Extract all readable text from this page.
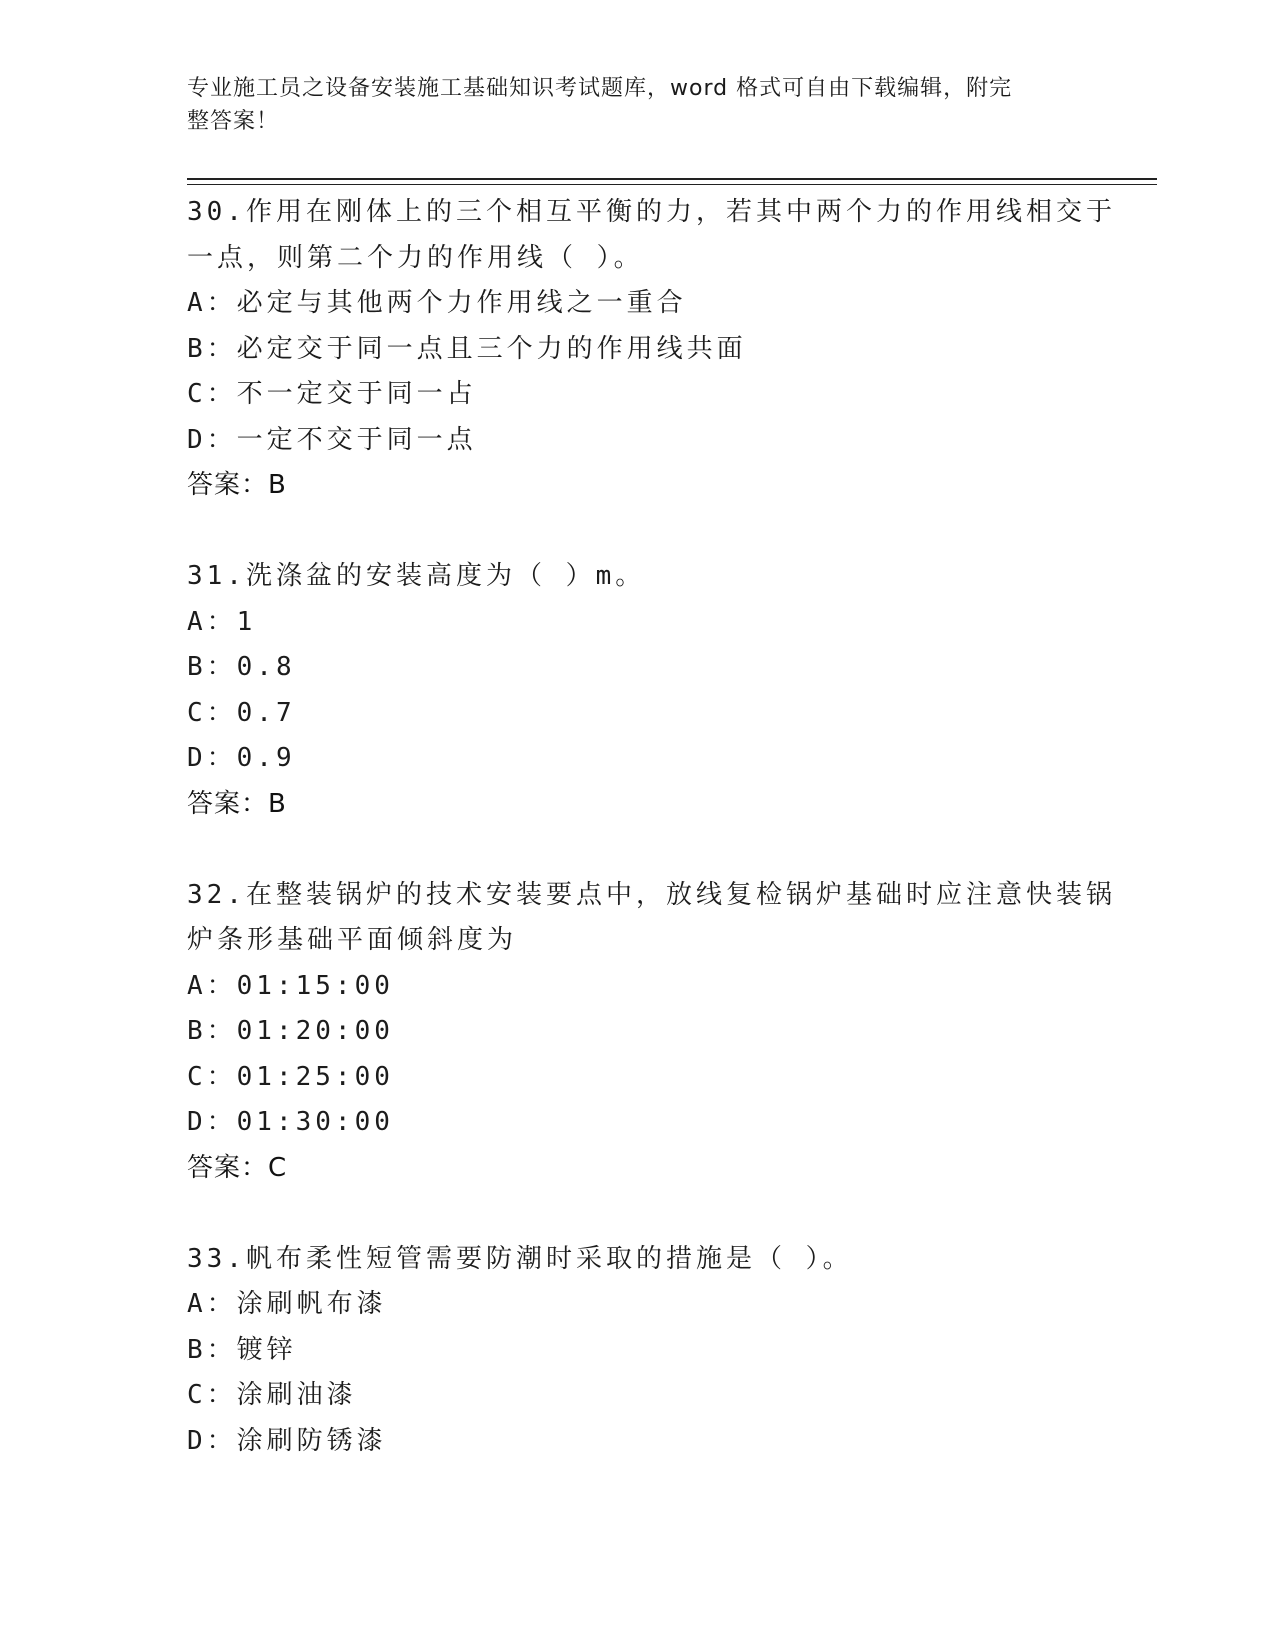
专业施工员之设备安装施工基础知识考试题库，word 格式可自由下载编辑，附完
整答案！
30.作用在刚体上的三个相互平衡的力，若其中两个力的作用线相交于
一点，则第二个力的作用线（ ）。
A：必定与其他两个力作用线之一重合
B：必定交于同一点且三个力的作用线共面
C：不一定交于同一占
D：一定不交于同一点
答案：B
31.洗涤盆的安装高度为（ ）m。
A：1
B：0.8
C：0.7
D：0.9
答案：B
32.在整装锅炉的技术安装要点中，放线复检锅炉基础时应注意快装锅
炉条形基础平面倾斜度为
A：01:15:00
B：01:20:00
C：01:25:00
D：01:30:00
答案：C
33.帆布柔性短管需要防潮时采取的措施是（ ）。
A：涂刷帆布漆
B：镀锌
C：涂刷油漆
D：涂刷防锈漆
